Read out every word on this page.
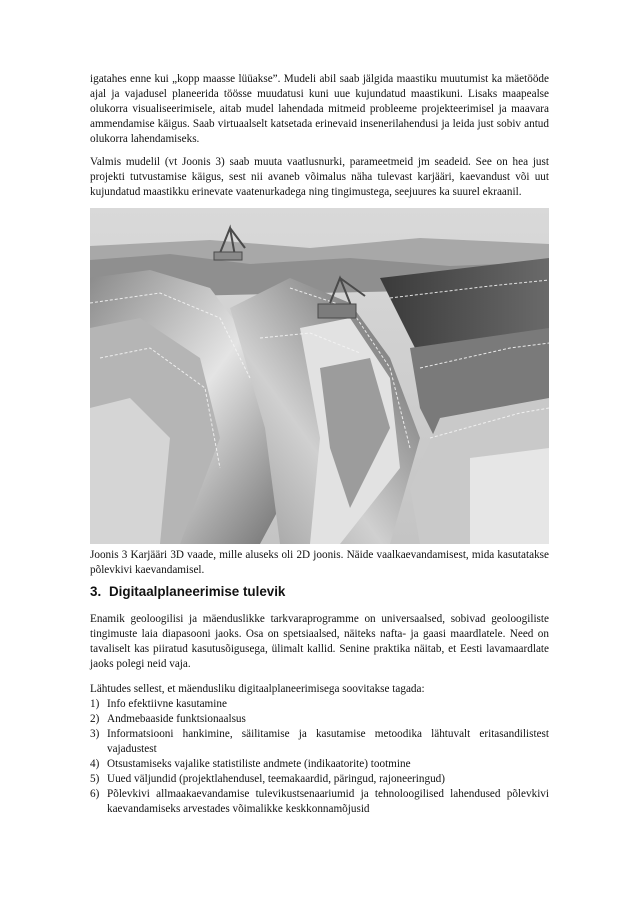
igatahes enne kui „kopp maasse lüüakse”. Mudeli abil saab jälgida maastiku muutumist ka mäetööde ajal ja vajadusel planeerida töösse muudatusi kuni uue kujundatud maastikuni. Lisaks maapealse olukorra visualiseerimisele, aitab mudel lahendada mitmeid probleeme projekteerimisel ja maavara ammendamise käigus. Saab virtuaalselt katsetada erinevaid insenerilahendusi ja leida just sobiv antud olukorra lahendamiseks.

Valmis mudelil (vt Joonis 3) saab muuta vaatlusnurki, parameetmeid jm seadeid. See on hea just projekti tutvustamise käigus, sest nii avaneb võimalus näha tulevast karjääri, kaevandust või uut kujundatud maastikku erinevate vaatenurkadega ning tingimustega, seejuures ka suurel ekraanil.

Joonis 3 Karjääri 3D vaade, mille aluseks oli 2D joonis. Näide vaalkaevandamisest, mida kasutatakse põlevkivi kaevandamisel.

3. Digitaalplaneerimise tulevik

Enamik geoloogilisi ja mäenduslikke tarkvaraprogramme on universaalsed, sobivad geoloogiliste tingimuste laia diapasooni jaoks. Osa on spetsiaalsed, näiteks nafta- ja gaasi maardlatele. Need on tavaliselt kas piiratud kasutusõigusega, ülimalt kallid. Senine praktika näitab, et Eesti lavamaardlate jaoks polegi neid vaja.

Lähtudes sellest, et mäendusliku digitaalplaneerimisega soovitakse tagada:

1) Info efektiivne kasutamine
2) Andmebaaside funktsionaalsus
3) Informatsiooni hankimine, säilitamise ja kasutamise metoodika lähtuvalt eritasandilistest vajadustest
4) Otsustamiseks vajalike statistiliste andmete (indikaatorite) tootmine
5) Uued väljundid (projektlahendusel, teemakaardid, päringud, rajoneeringud)
6) Põlevkivi allmaakaevandamise tulevikustsenaariumid ja tehnoloogilised lahendused põlevkivi kaevandamiseks arvestades võimalikke keskkonnamõjusid
